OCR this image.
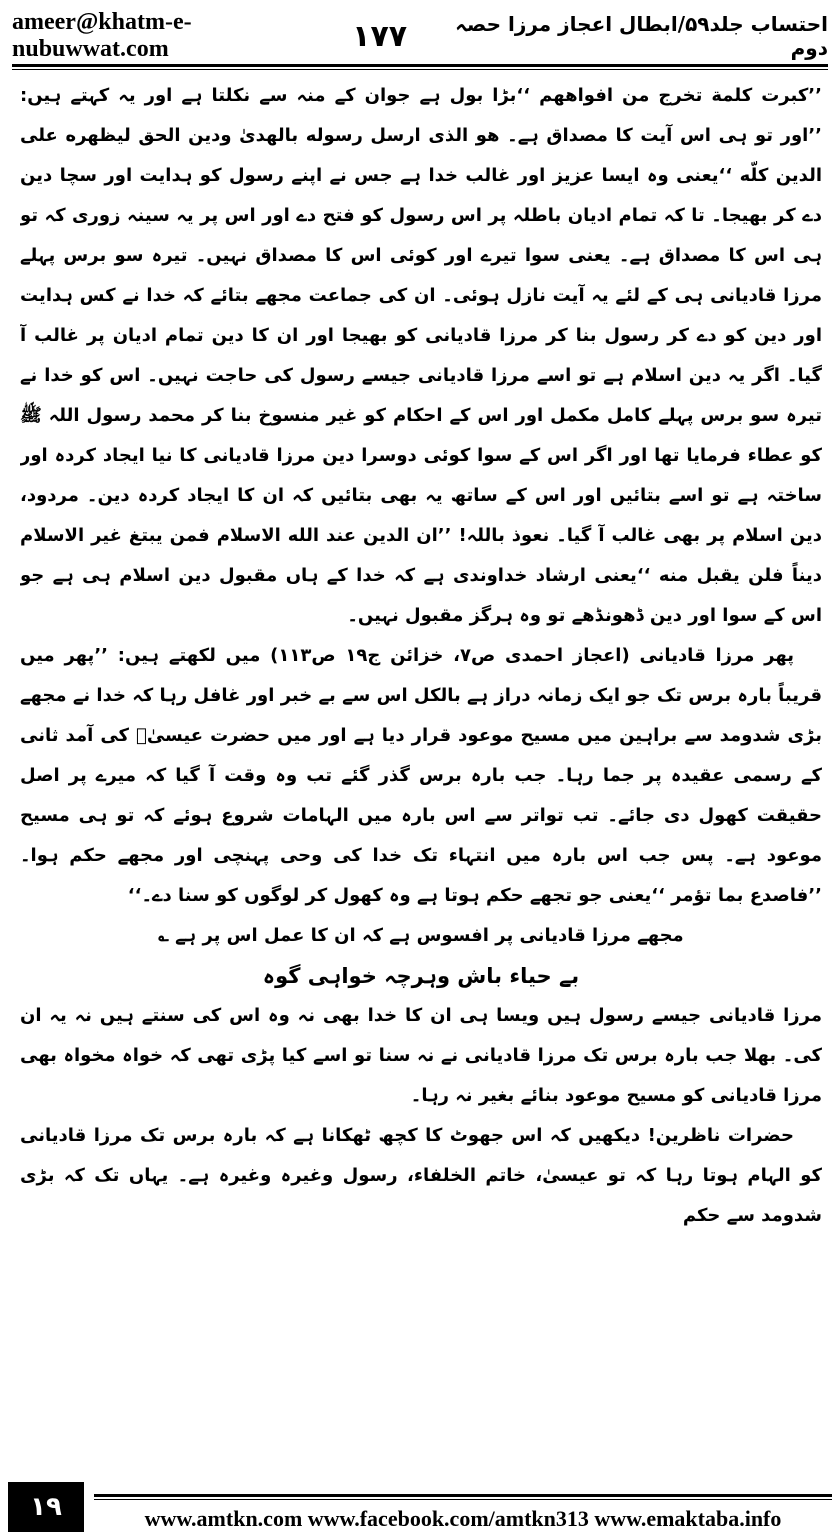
ameer@khatm-e-nubuwwat.com	۱۷۷	احتساب جلد۵۹/ابطال اعجاز مرزا حصہ دوم

’’كبرت كلمة تخرج من افواههم ‘‘بڑا بول ہے جوان کے منہ سے نکلتا ہے اور یہ کہتے ہیں: ’’اور تو ہی اس آیت کا مصداق ہے۔ هو الذی ارسل رسوله بالهدیٰ ودین الحق لیظهره علی الدین كلّه ‘‘یعنی وہ ایسا عزیز اور غالب خدا ہے جس نے اپنے رسول کو ہدایت اور سچا دین دے کر بھیجا۔ تا کہ تمام ادیان باطلہ پر اس رسول کو فتح دے اور اس پر یہ سینہ زوری کہ تو ہی اس کا مصداق ہے۔ یعنی سوا تیرے اور کوئی اس کا مصداق نہیں۔ تیرہ سو برس پہلے مرزا قادیانی ہی کے لئے یہ آیت نازل ہوئی۔ ان کی جماعت مجھے بتائے کہ خدا نے کس ہدایت اور دین کو دے کر رسول بنا کر مرزا قادیانی کو بھیجا اور ان کا دین تمام ادیان پر غالب آ گیا۔ اگر یہ دین اسلام ہے تو اسے مرزا قادیانی جیسے رسول کی حاجت نہیں۔ اس کو خدا نے تیرہ سو برس پہلے کامل مکمل اور اس کے احکام کو غیر منسوخ بنا کر محمد رسول اللہ ﷺ کو عطاء فرمایا تھا اور اگر اس کے سوا کوئی دوسرا دین مرزا قادیانی کا نیا ایجاد کردہ اور ساختہ ہے تو اسے بتائیں اور اس کے ساتھ یہ بھی بتائیں کہ ان کا ایجاد کردہ دین۔ مردود، دین اسلام پر بھی غالب آ گیا۔ نعوذ باللہ! ’’ان الدین عند الله الاسلام فمن یبتغ غیر الاسلام دیناً فلن یقبل منه ‘‘یعنی ارشاد خداوندی ہے کہ خدا کے ہاں مقبول دین اسلام ہی ہے جو اس کے سوا اور دین ڈھونڈھے تو وہ ہرگز مقبول نہیں۔

پھر مرزا قادیانی (اعجاز احمدی ص۷، خزائن ج۱۹ ص۱۱۳) میں لکھتے ہیں: ’’پھر میں قریباً بارہ برس تک جو ایک زمانہ دراز ہے بالکل اس سے بے خبر اور غافل رہا کہ خدا نے مجھے بڑی شدومد سے براہین میں مسیح موعود قرار دیا ہے اور میں حضرت عیسیٰؑ کی آمد ثانی کے رسمی عقیدہ پر جما رہا۔ جب بارہ برس گذر گئے تب وہ وقت آ گیا کہ میرے پر اصل حقیقت کھول دی جائے۔ تب تواتر سے اس بارہ میں الہامات شروع ہوئے کہ تو ہی مسیح موعود ہے۔ پس جب اس بارہ میں انتہاء تک خدا کی وحی پہنچی اور مجھے حکم ہوا۔ ’’فاصدع بما تؤمر ‘‘یعنی جو تجھے حکم ہوتا ہے وہ کھول کر لوگوں کو سنا دے۔‘‘

مجھے مرزا قادیانی پر افسوس ہے کہ ان کا عمل اس پر ہے ؎

بے حیاء باش وہرچہ خواہی گوہ

مرزا قادیانی جیسے رسول ہیں ویسا ہی ان کا خدا بھی نہ وہ اس کی سنتے ہیں نہ یہ ان کی۔ بھلا جب بارہ برس تک مرزا قادیانی نے نہ سنا تو اسے کیا پڑی تھی کہ خواہ مخواہ بھی مرزا قادیانی کو مسیح موعود بنائے بغیر نہ رہا۔

حضرات ناظرین! دیکھیں کہ اس جھوٹ کا کچھ ٹھکانا ہے کہ بارہ برس تک مرزا قادیانی کو الہام ہوتا رہا کہ تو عیسیٰ، خاتم الخلفاء، رسول وغیرہ وغیرہ ہے۔ یہاں تک کہ بڑی شدومد سے حکم

۱۹	www.amtkn.com www.facebook.com/amtkn313 www.emaktaba.info
